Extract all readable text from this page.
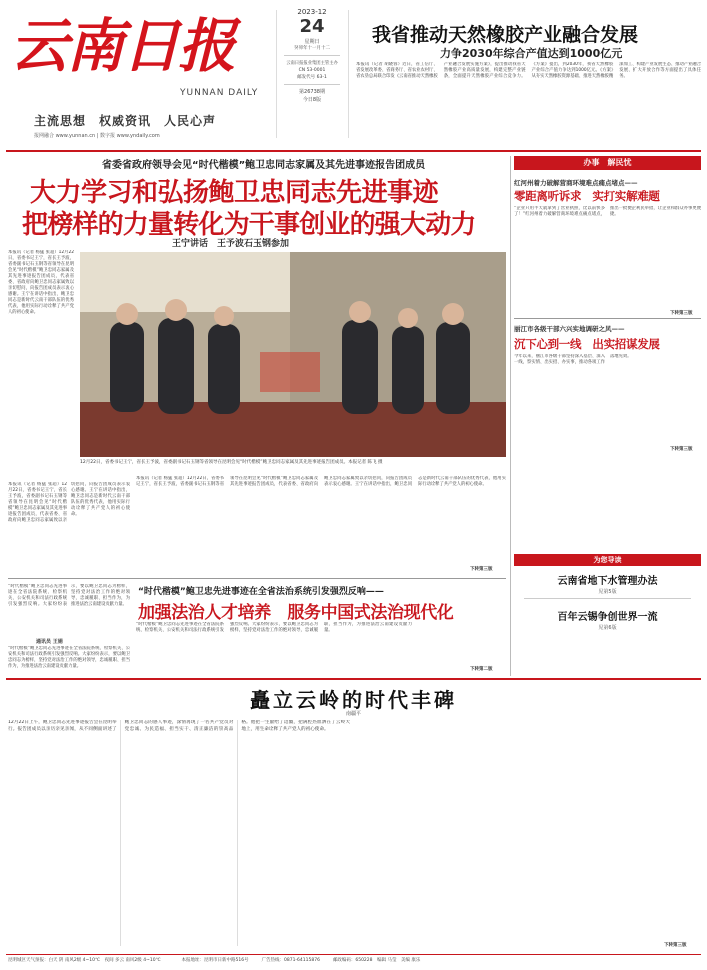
云南日报
YUNNAN DAILY
主流思想　权威资讯　人民心声
报网融合 www.yunnan.cn | 数字报 www.yndaily.com
2023-12
24
星期日
癸卯年十一月十二
云南日报报业集团主管主办
CN 53-0001
邮发代号 63-1
第26738期
今日8版
我省推动天然橡胶产业融合发展
力争2030年综合产值达到1000亿元
本报讯（记者 胡晓蓉）近日，省工信厅、省发展改革委、省商务厅、省农业农村厅、省农垦总局联合印发《云南省推动天然橡胶产业融合发展实施方案》，提出推动我省天然橡胶产业高质量发展，构建完整产业链条，全面提升天然橡胶产业综合竞争力。《方案》提出，到2030年，我省天然橡胶产业综合产值力争达到1000亿元。《方案》从夯实天然橡胶资源基础、推进天然橡胶精深加工、构建产业发展生态、推动产业融合发展、扩大开放合作等方面提出了具体任务。
省委省政府领导会见“时代楷模”鲍卫忠同志家属及其先进事迹报告团成员
大力学习和弘扬鲍卫忠同志先进事迹
把榜样的力量转化为干事创业的强大动力
王宁讲话　王予波石玉钢参加
本报讯（记者 杨猛 张超）12月22日，省委书记王宁，省长王予波，省委副书记石玉钢等省领导在昆明会见“时代楷模”鲍卫忠同志家属及其先进事迹报告团成员，代表省委、省政府向鲍卫忠同志家属致以亲切慰问，向报告团成员表示衷心感谢。王宁在讲话中指出，鲍卫忠同志是新时代云南干部队伍的优秀代表，他用实际行动诠释了共产党人的初心使命。
本报讯（记者 杨猛 张超）12月22日，省委书记王宁，省长王予波，省委副书记石玉钢等省领导在昆明会见“时代楷模”鲍卫忠同志家属及其先进事迹报告团成员，代表省委、省政府向鲍卫忠同志家属致以亲切慰问，向报告团成员表示衷心感谢。王宁在讲话中指出，鲍卫忠同志是新时代云南干部队伍的优秀代表，他用实际行动诠释了共产党人的初心使命。
12月22日，省委书记王宁，省长王予波，省委副书记石玉钢等省领导在昆明会见“时代楷模”鲍卫忠同志家属及其先进事迹报告团成员。本报记者 陈飞 摄
本报讯（记者 杨猛 张超）12月22日，省委书记王宁，省长王予波，省委副书记石玉钢等省领导在昆明会见“时代楷模”鲍卫忠同志家属及其先进事迹报告团成员，代表省委、省政府向鲍卫忠同志家属致以亲切慰问，向报告团成员表示衷心感谢。王宁在讲话中指出，鲍卫忠同志是新时代云南干部队伍的优秀代表，他用实际行动诠释了共产党人的初心使命。
下转第三版
“时代楷模”鲍卫忠同志先进事迹在全省法院系统、检察机关、公安机关和司法行政系统引发强烈反响。大家纷纷表示，要以鲍卫忠同志为榜样，坚持党对法治工作的绝对领导，忠诚履职、担当作为，为推进法治云南建设贡献力量。
通讯员 王娟
“时代楷模”鲍卫忠同志先进事迹在全省法院系统、检察机关、公安机关和司法行政系统引发强烈反响。大家纷纷表示，要以鲍卫忠同志为榜样，坚持党对法治工作的绝对领导，忠诚履职、担当作为，为推进法治云南建设贡献力量。
“时代楷模”鲍卫忠先进事迹在全省法治系统引发强烈反响——
加强法治人才培养　服务中国式法治现代化
“时代楷模”鲍卫忠同志先进事迹在全省法院系统、检察机关、公安机关和司法行政系统引发强烈反响。大家纷纷表示，要以鲍卫忠同志为榜样，坚持党对法治工作的绝对领导，忠诚履职、担当作为，为推进法治云南建设贡献力量。
下转第二版
办事　解民忧
红河州着力破解营商环境难点痛点堵点——
零距离听诉求　实打实解难题
“企业只用半天就拿到了营业执照，比以前快多了！”红河州着力破解营商环境难点痛点堵点，推出一批便企利民举措，让企业和群众办事更便捷。
下转第三版
丽江市各级干部六兴实地调研之风——
沉下心到一线　出实招谋发展
今年以来，丽江市各级干部坚持深入基层、深入一线，察实情、出实招、办实事，推动各项工作落地见效。
下转第三版
为您导读
云南省地下水管理办法
见第5版
百年云锡争创世界一流
见第6版
矗立云岭的时代丰碑
南疆平
12月22日上午，鲍卫忠同志先进事迹报告会在昆明举行。报告团成员以亲历亲见亲闻，从不同侧面讲述了鲍卫忠同志的感人事迹，深情再现了一名共产党员对党忠诚、为民造福、担当实干、清正廉洁的崇高品格。他把一生献给了边疆，把满腔热血洒在了云岭大地上，用生命诠释了共产党人的初心使命。
下转第三版
昆明城区天气预报：白天 阴 南风2级 4~10℃　夜间 多云 南风2级 4~10℃	本报地址：昆明市日新中路516号	广告热线：0871-64115876	邮政编码：650228　编辑 马莹　美编 康乐
